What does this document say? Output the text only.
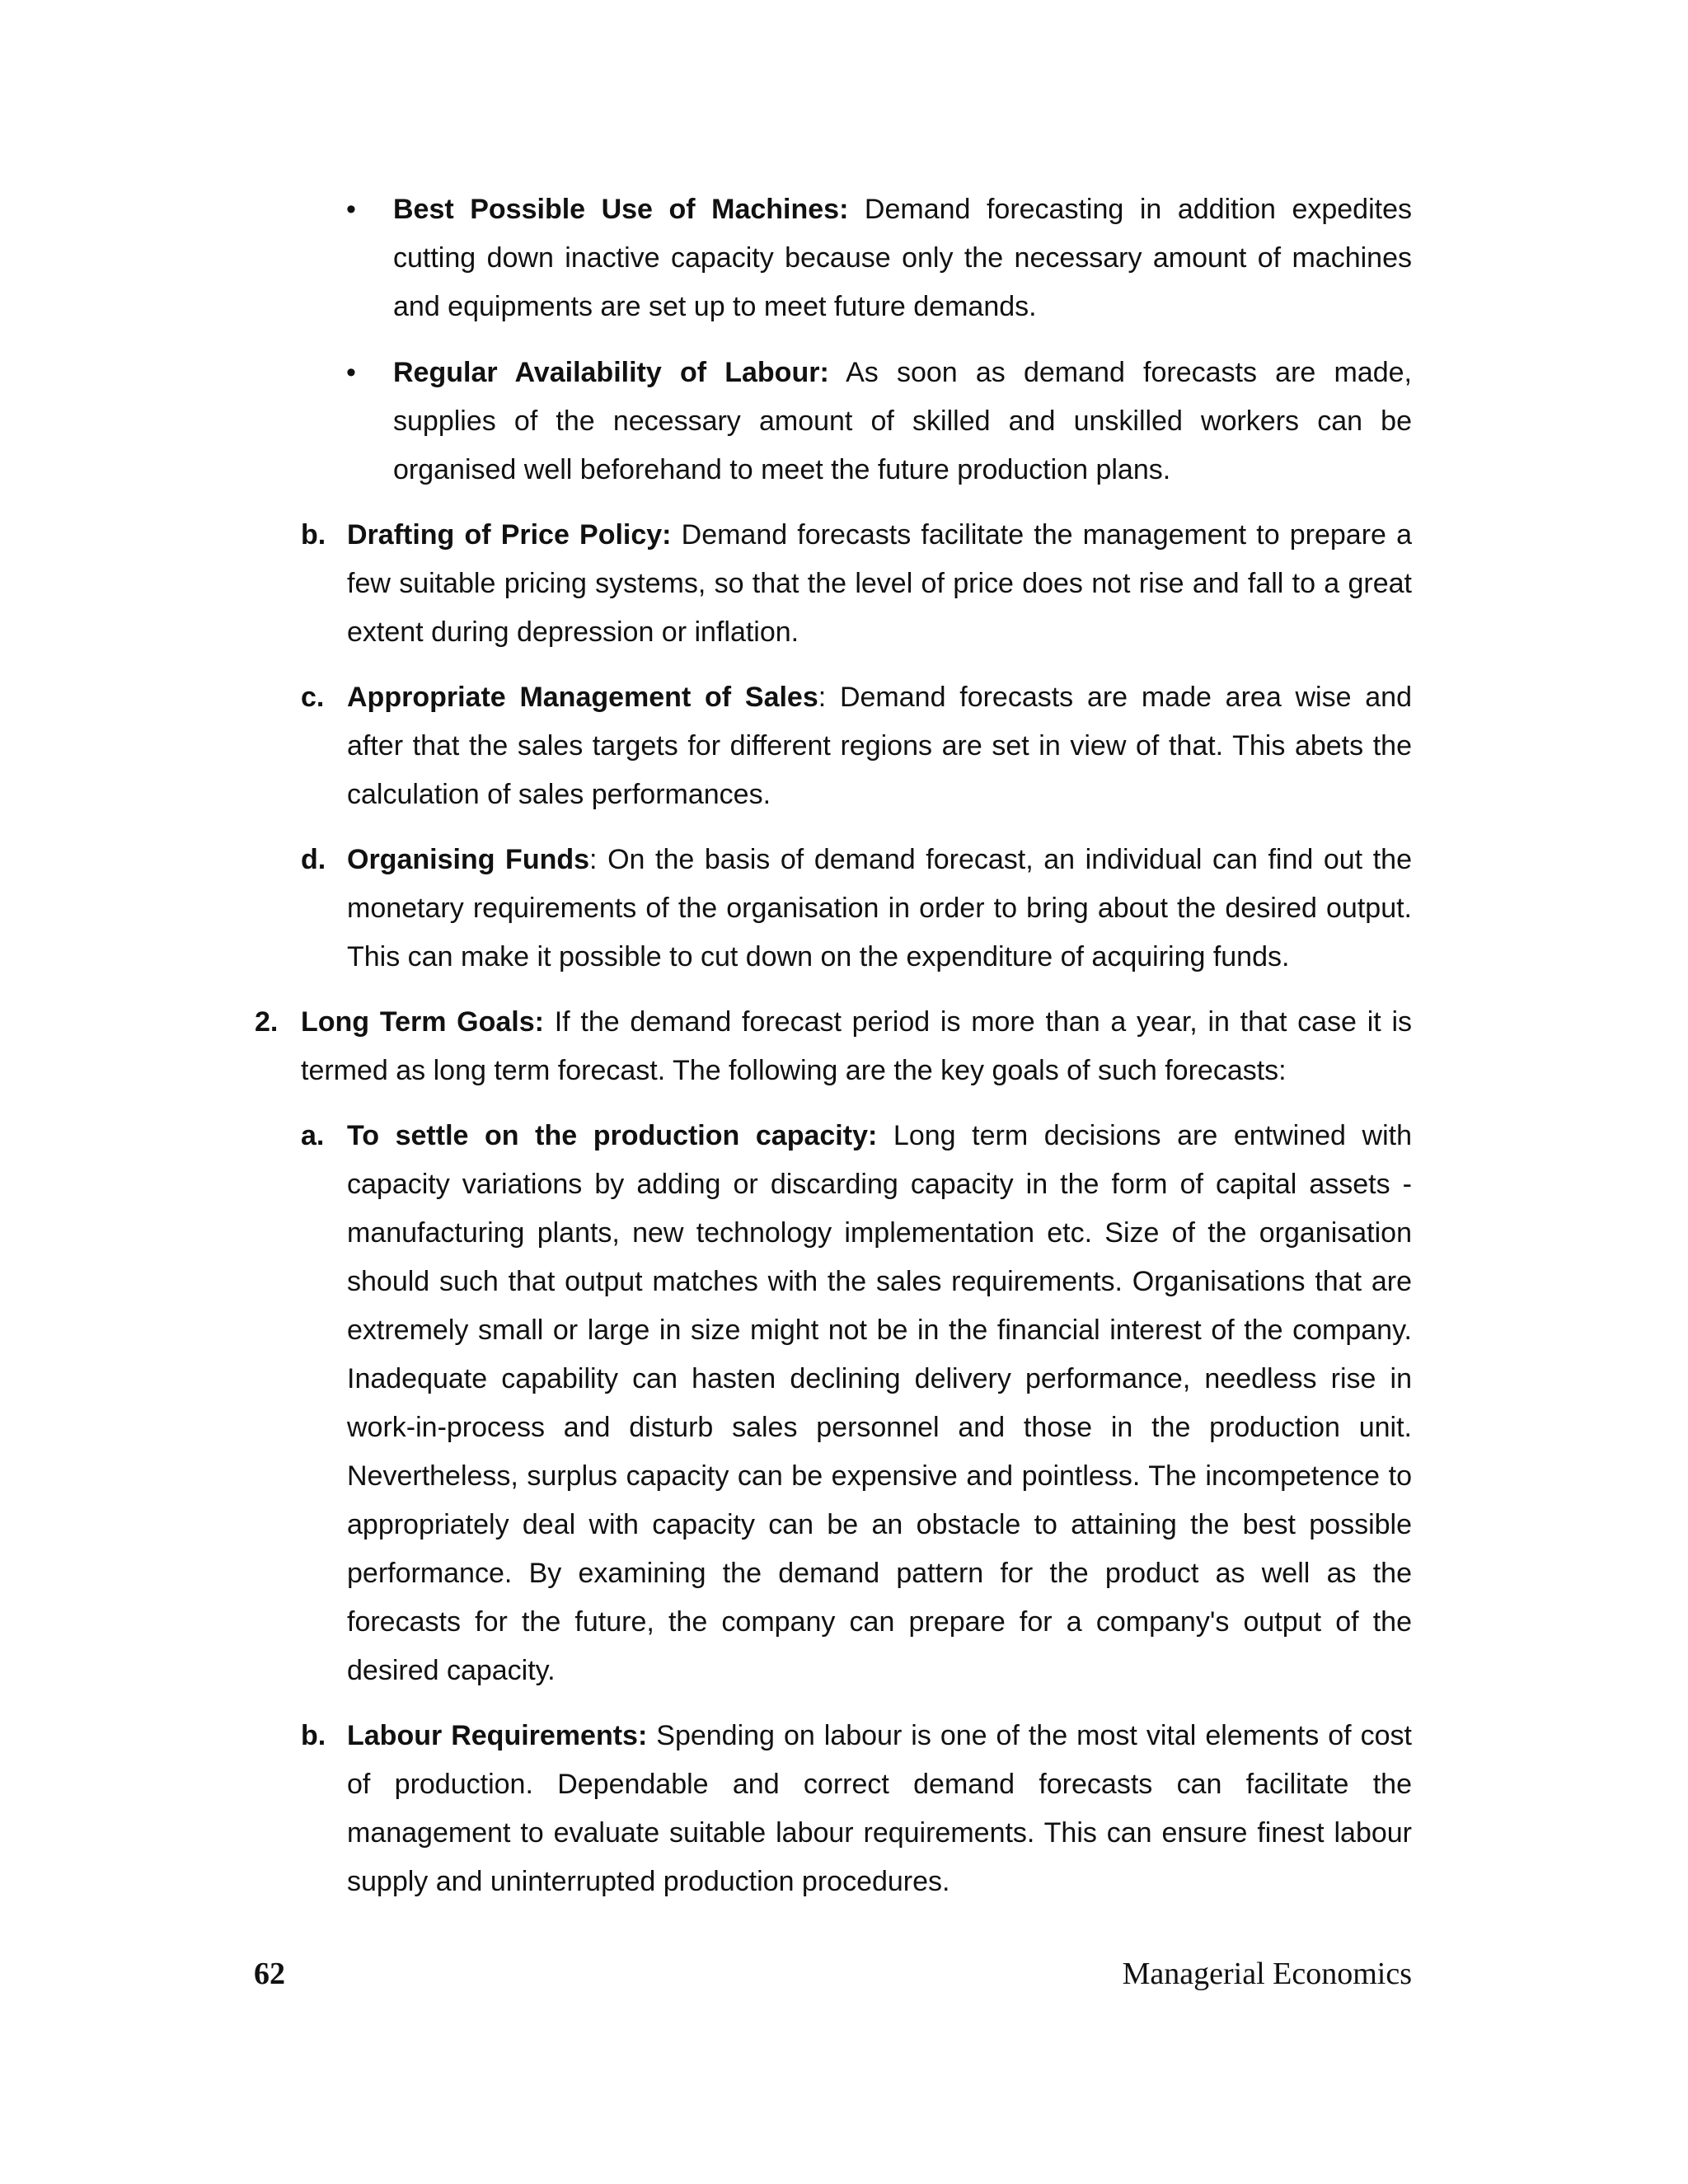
• Best Possible Use of Machines: Demand forecasting in addition expedites cutting down inactive capacity because only the necessary amount of machines and equipments are set up to meet future demands.

• Regular Availability of Labour: As soon as demand forecasts are made, supplies of the necessary amount of skilled and unskilled workers can be organised well beforehand to meet the future production plans.

b. Drafting of Price Policy: Demand forecasts facilitate the management to prepare a few suitable pricing systems, so that the level of price does not rise and fall to a great extent during depression or inflation.

c. Appropriate Management of Sales: Demand forecasts are made area wise and after that the sales targets for different regions are set in view of that. This abets the calculation of sales performances.

d. Organising Funds: On the basis of demand forecast, an individual can find out the monetary requirements of the organisation in order to bring about the desired output. This can make it possible to cut down on the expenditure of acquiring funds.

2. Long Term Goals: If the demand forecast period is more than a year, in that case it is termed as long term forecast. The following are the key goals of such forecasts:

a. To settle on the production capacity: Long term decisions are entwined with capacity variations by adding or discarding capacity in the form of capital assets - manufacturing plants, new technology implementation etc. Size of the organisation should such that output matches with the sales requirements. Organisations that are extremely small or large in size might not be in the financial interest of the company. Inadequate capability can hasten declining delivery performance, needless rise in work-in-process and disturb sales personnel and those in the production unit. Nevertheless, surplus capacity can be expensive and pointless. The incompetence to appropriately deal with capacity can be an obstacle to attaining the best possible performance. By examining the demand pattern for the product as well as the forecasts for the future, the company can prepare for a company's output of the desired capacity.

b. Labour Requirements: Spending on labour is one of the most vital elements of cost of production. Dependable and correct demand forecasts can facilitate the management to evaluate suitable labour requirements. This can ensure finest labour supply and uninterrupted production procedures.

62	Managerial Economics
